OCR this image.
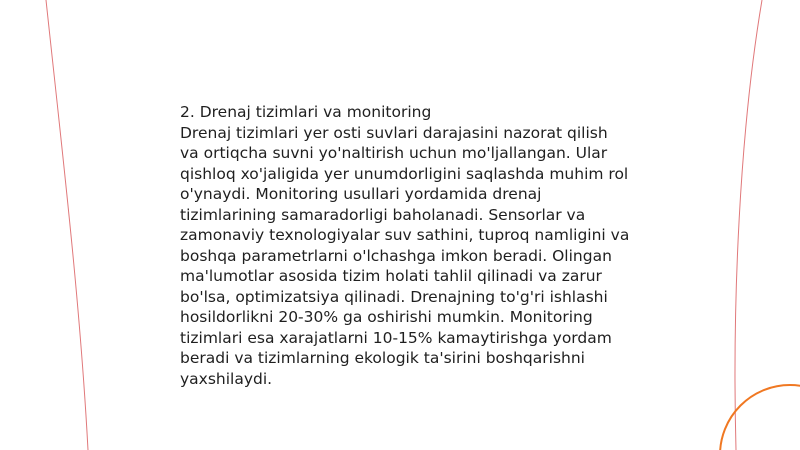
2. Drenaj tizimlari va monitoring

Drenaj tizimlari yer osti suvlari darajasini nazorat qilish va ortiqcha suvni yo'naltirish uchun mo'ljallangan. Ular qishloq xo'jaligida yer unumdorligini saqlashda muhim rol o'ynaydi. Monitoring usullari yordamida drenaj tizimlarining samaradorligi baholanadi. Sensorlar va zamonaviy texnologiyalar suv sathini, tuproq namligini va boshqa parametrlarni o'lchashga imkon beradi. Olingan ma'lumotlar asosida tizim holati tahlil qilinadi va zarur bo'lsa, optimizatsiya qilinadi. Drenajning to'g'ri ishlashi hosildorlikni 20-30% ga oshirishi mumkin. Monitoring tizimlari esa xarajatlarni 10-15% kamaytirishga yordam beradi va tizimlarning ekologik ta'sirini boshqarishni yaxshilaydi.
